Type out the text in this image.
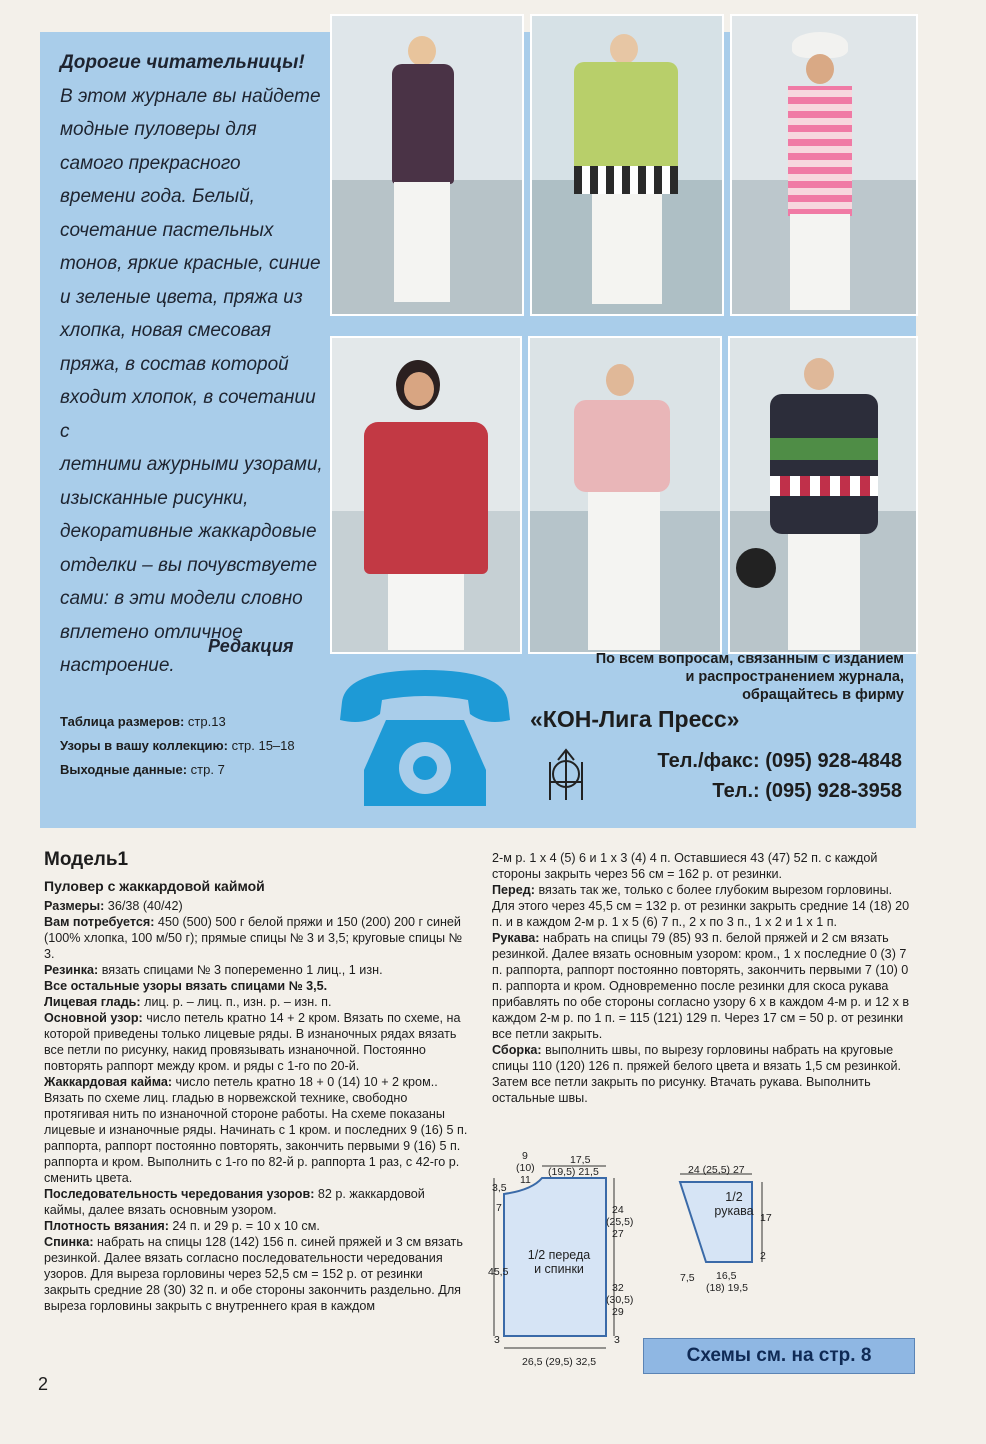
Дорогие читательницы!
В этом журнале вы найдете
модные пуловеры для
самого прекрасного
времени года. Белый,
сочетание пастельных
тонов, яркие красные, синие
и зеленые цвета, пряжа из
хлопка, новая смесовая
пряжа, в состав которой
входит хлопок, в сочетании с
летними ажурными узорами,
изысканные рисунки,
декоративные жаккардовые
отделки – вы почувствуете
сами: в эти модели словно
вплетено отличное
настроение.
Редакция
Таблица размеров: стр.13
Узоры в вашу коллекцию: стр. 15–18
Выходные данные: стр. 7
По всем вопросам, связанным с изданием
и распространением журнала,
обращайтесь в фирму
«КОН-Лига Пресс»
Тел./факс: (095) 928-4848
Тел.: (095) 928-3958

Модель1

Пуловер с жаккардовой каймой

Размеры: 36/38 (40/42)

Вам потребуется: 450 (500) 500 г белой пряжи и 150 (200) 200 г синей (100% хлопка, 100 м/50 г); прямые спицы № 3 и 3,5; круговые спицы № 3.

Резинка: вязать спицами № 3 попеременно 1 лиц., 1 изн.

Все остальные узоры вязать спицами № 3,5.

Лицевая гладь: лиц. р. – лиц. п., изн. р. – изн. п.

Основной узор: число петель кратно 14 + 2 кром. Вязать по схеме, на которой приведены только лицевые ряды. В изнаночных рядах вязать все петли по рисунку, накид провязывать изнаночной. Постоянно повторять раппорт между кром. и ряды с 1-го по 20-й.

Жаккардовая кайма: число петель кратно 18 + 0 (14) 10 + 2 кром.. Вязать по схеме лиц. гладью в норвежской технике, свободно протягивая нить по изнаночной стороне работы. На схеме показаны лицевые и изнаночные ряды. Начинать с 1 кром. и последних 9 (16) 5 п. раппорта, раппорт постоянно повторять, закончить первыми 9 (16) 5 п. раппорта и кром. Выполнить с 1-го по 82-й р. раппорта 1 раз, с 42-го р. сменить цвета.

Последовательность чередования узоров: 82 р. жаккардовой каймы, далее вязать основным узором.

Плотность вязания: 24 п. и 29 р. = 10 х 10 см.

Спинка: набрать на спицы 128 (142) 156 п. синей пряжей и 3 см вязать резинкой. Далее вязать согласно последовательности чередования узоров. Для выреза горловины через 52,5 см = 152 р. от резинки закрыть средние 28 (30) 32 п. и обе стороны закончить раздельно. Для выреза горловины закрыть с внутреннего края в каждом

2-м р. 1 х 4 (5) 6 и 1 х 3 (4) 4 п. Оставшиеся 43 (47) 52 п. с каждой стороны закрыть через 56 см = 162 р. от резинки.

Перед: вязать так же, только с более глубоким вырезом горловины. Для этого через 45,5 см = 132 р. от резинки закрыть средние 14 (18) 20 п. и в каждом 2-м р. 1 х 5 (6) 7 п., 2 х по 3 п., 1 х 2 и 1 х 1 п.

Рукава: набрать на спицы 79 (85) 93 п. белой пряжей и 2 см вязать резинкой. Далее вязать основным узором: кром., 1 х последние 0 (3) 7 п. раппорта, раппорт постоянно повторять, закончить первыми 7 (10) 0 п. раппорта и кром. Одновременно после резинки для скоса рукава прибавлять по обе стороны согласно узору 6 х в каждом 4-м р. и 12 х в каждом 2-м р. по 1 п. = 115 (121) 129 п. Через 17 см = 50 р. от резинки все петли закрыть.

Сборка: выполнить швы, по вырезу горловины набрать на круговые спицы 110 (120) 126 п. пряжей белого цвета и вязать 1,5 см резинкой. Затем все петли закрыть по рисунку. Втачать рукава. Выполнить остальные швы.

1/2 переда
и спинки
9
(10)
11
17,5
(19,5) 21,5
3,5
7	24
(25,5)
27
45,5
32
(30,5)
29
3	3
26,5 (29,5) 32,5
1/2
рукава
24 (25,5) 27
17
2
7,5 16,5
(18) 19,5
Схемы см. на стр. 8
2
